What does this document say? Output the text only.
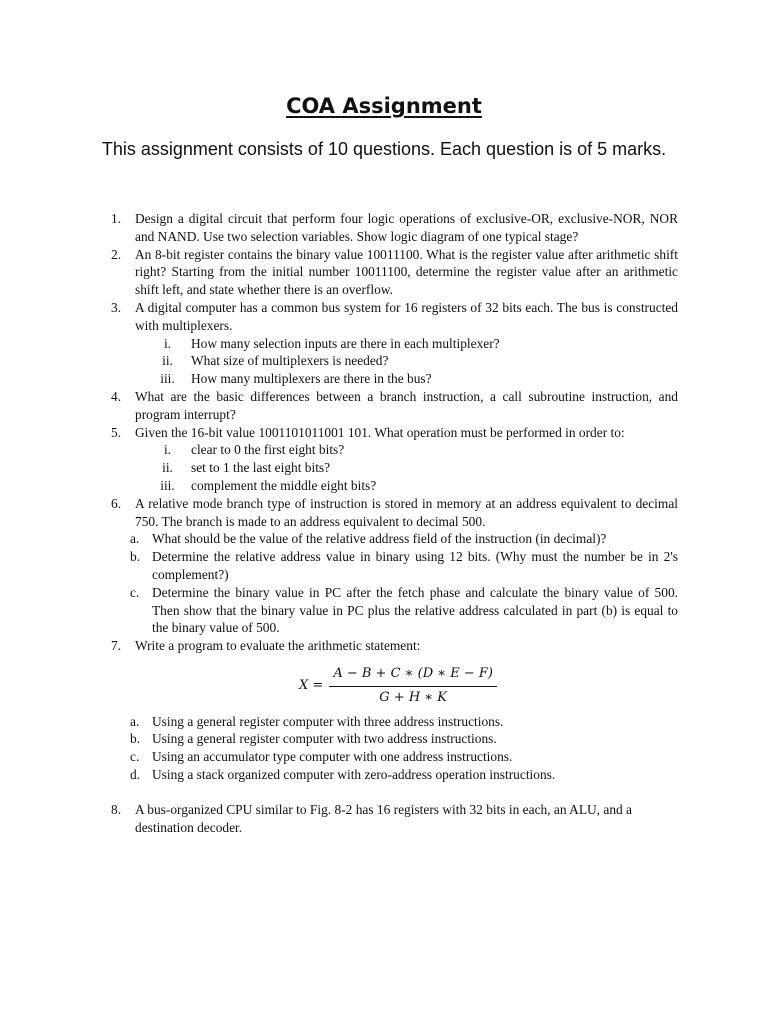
COA Assignment
This assignment consists of 10 questions. Each question is of 5 marks.
1.	Design a digital circuit that perform four logic operations of exclusive-OR, exclusive-NOR, NOR and NAND. Use two selection variables. Show logic diagram of one typical stage?
2.	An 8-bit register contains the binary value 10011100. What is the register value after arithmetic shift right? Starting from the initial number 10011100, determine the register value after an arithmetic shift left, and state whether there is an overflow.
3.	A digital computer has a common bus system for 16 registers of 32 bits each. The bus is constructed with multiplexers.
i.	How many selection inputs are there in each multiplexer?
ii.	What size of multiplexers is needed?
iii.	How many multiplexers are there in the bus?
4.	What are the basic differences between a branch instruction, a call subroutine instruction, and program interrupt?
5.	Given the 16-bit value 1001101011001 101. What operation must be performed in order to:
i.	clear to 0 the first eight bits?
ii.	set to 1 the last eight bits?
iii.	complement the middle eight bits?
6.	A relative mode branch type of instruction is stored in memory at an address equivalent to decimal 750. The branch is made to an address equivalent to decimal 500.
a. What should be the value of the relative address field of the instruction (in decimal)?
b. Determine the relative address value in binary using 12 bits. (Why must the number be in 2's complement?)
c. Determine the binary value in PC after the fetch phase and calculate the binary value of 500. Then show that the binary value in PC plus the relative address calculated in part (b) is equal to the binary value of 500.
7.	Write a program to evaluate the arithmetic statement:
$X = \frac{A - B + C ∗ (D ∗ E - F)}{G + H ∗ K}$
a. Using a general register computer with three address instructions.
b. Using a general register computer with two address instructions.
c. Using an accumulator type computer with one address instructions.
d. Using a stack organized computer with zero-address operation instructions.
8.	A bus-organized CPU similar to Fig. 8-2 has 16 registers with 32 bits in each, an ALU, and a destination decoder.
